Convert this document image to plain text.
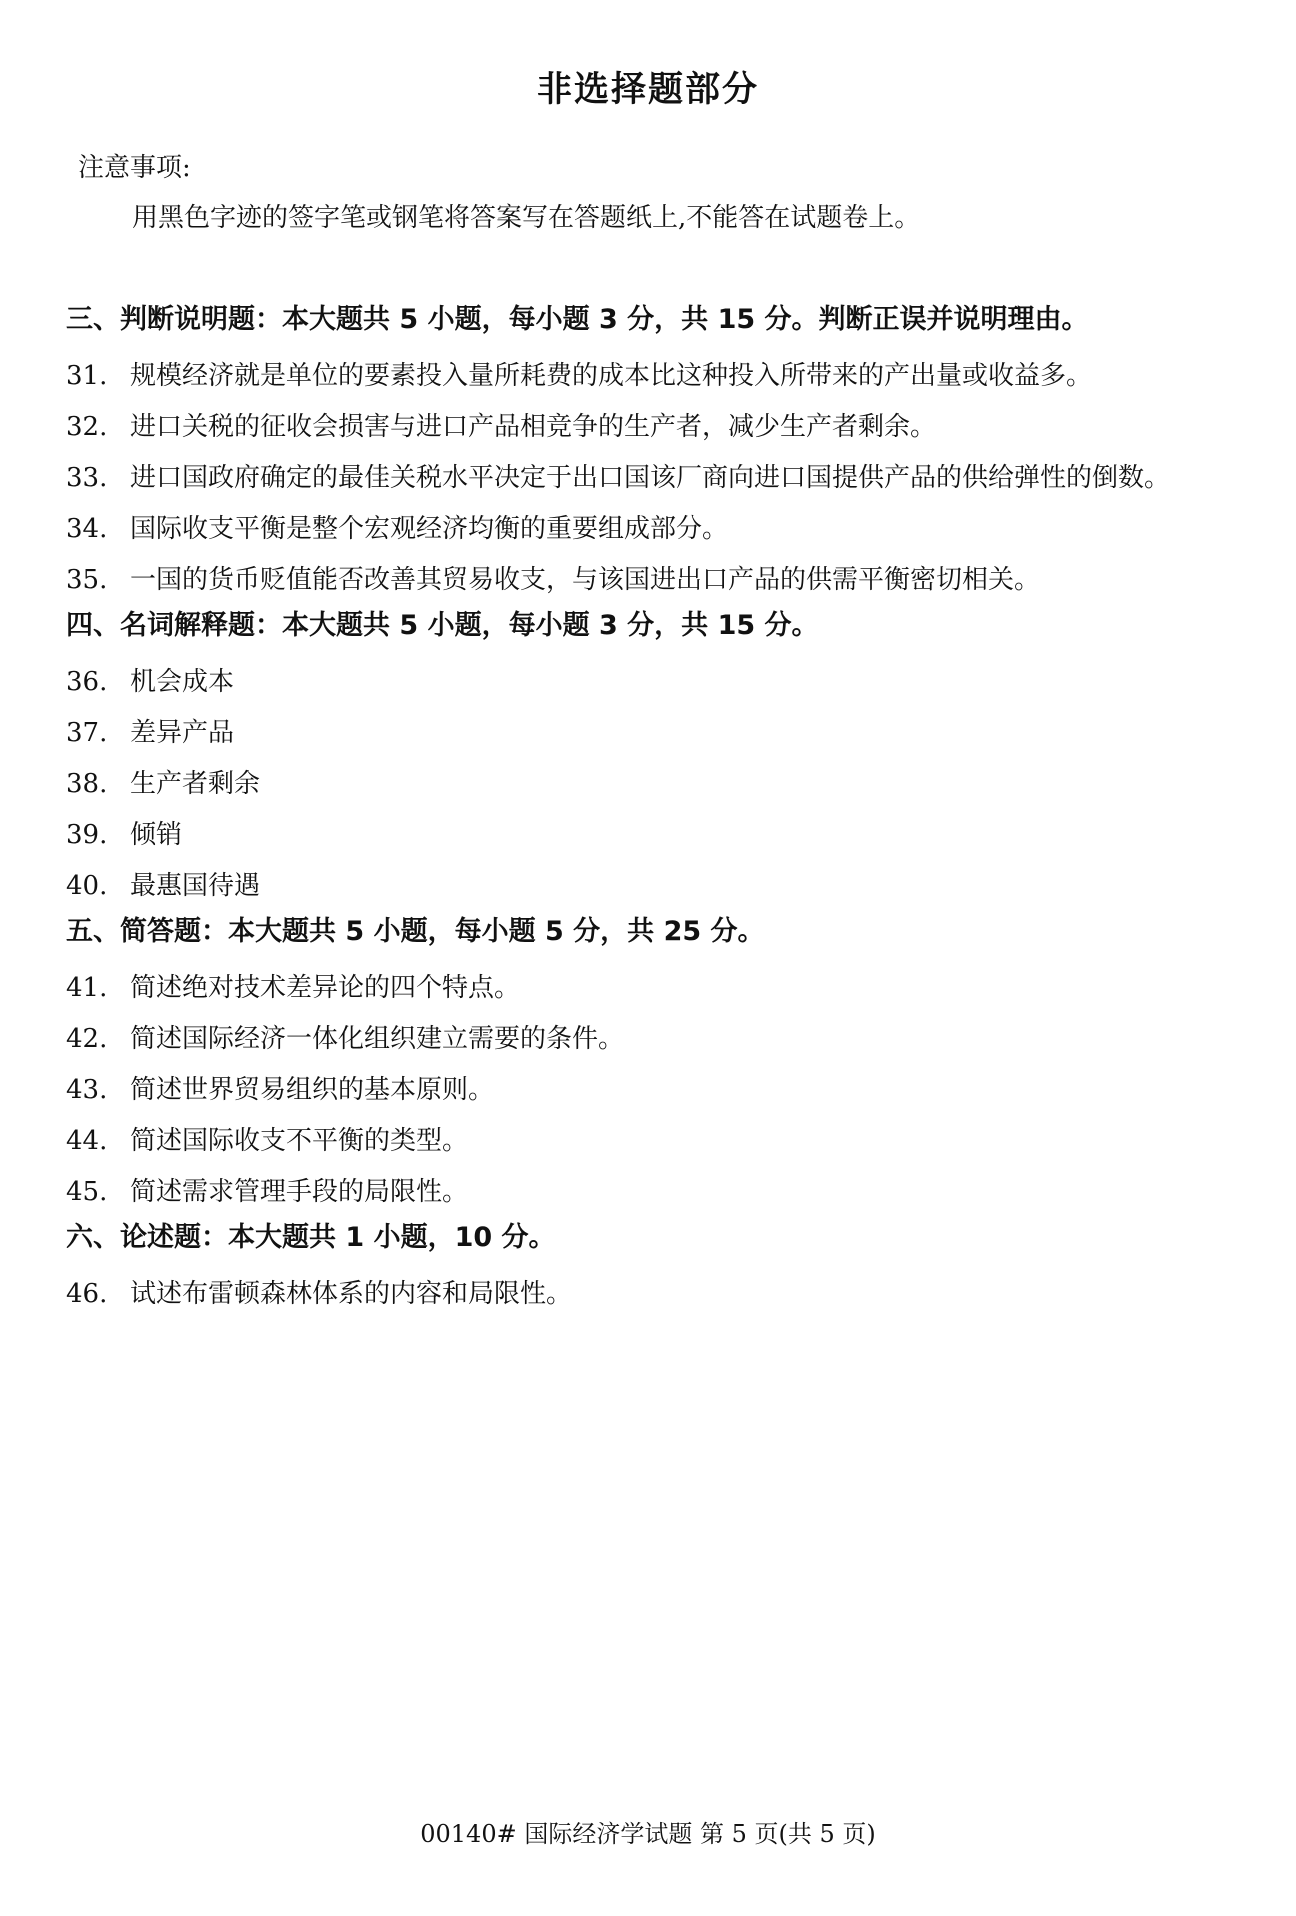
非选择题部分
注意事项:
用黑色字迹的签字笔或钢笔将答案写在答题纸上,不能答在试题卷上。
三、判断说明题：本大题共 5 小题，每小题 3 分，共 15 分。判断正误并说明理由。
31. 规模经济就是单位的要素投入量所耗费的成本比这种投入所带来的产出量或收益多。
32. 进口关税的征收会损害与进口产品相竞争的生产者，减少生产者剩余。
33. 进口国政府确定的最佳关税水平决定于出口国该厂商向进口国提供产品的供给弹性的倒数。
34. 国际收支平衡是整个宏观经济均衡的重要组成部分。
35. 一国的货币贬值能否改善其贸易收支，与该国进出口产品的供需平衡密切相关。
四、名词解释题：本大题共 5 小题，每小题 3 分，共 15 分。
36. 机会成本
37. 差异产品
38. 生产者剩余
39. 倾销
40. 最惠国待遇
五、简答题：本大题共 5 小题，每小题 5 分，共 25 分。
41. 简述绝对技术差异论的四个特点。
42. 简述国际经济一体化组织建立需要的条件。
43. 简述世界贸易组织的基本原则。
44. 简述国际收支不平衡的类型。
45. 简述需求管理手段的局限性。
六、论述题：本大题共 1 小题，10 分。
46. 试述布雷顿森林体系的内容和局限性。
00140# 国际经济学试题 第 5 页(共 5 页)
